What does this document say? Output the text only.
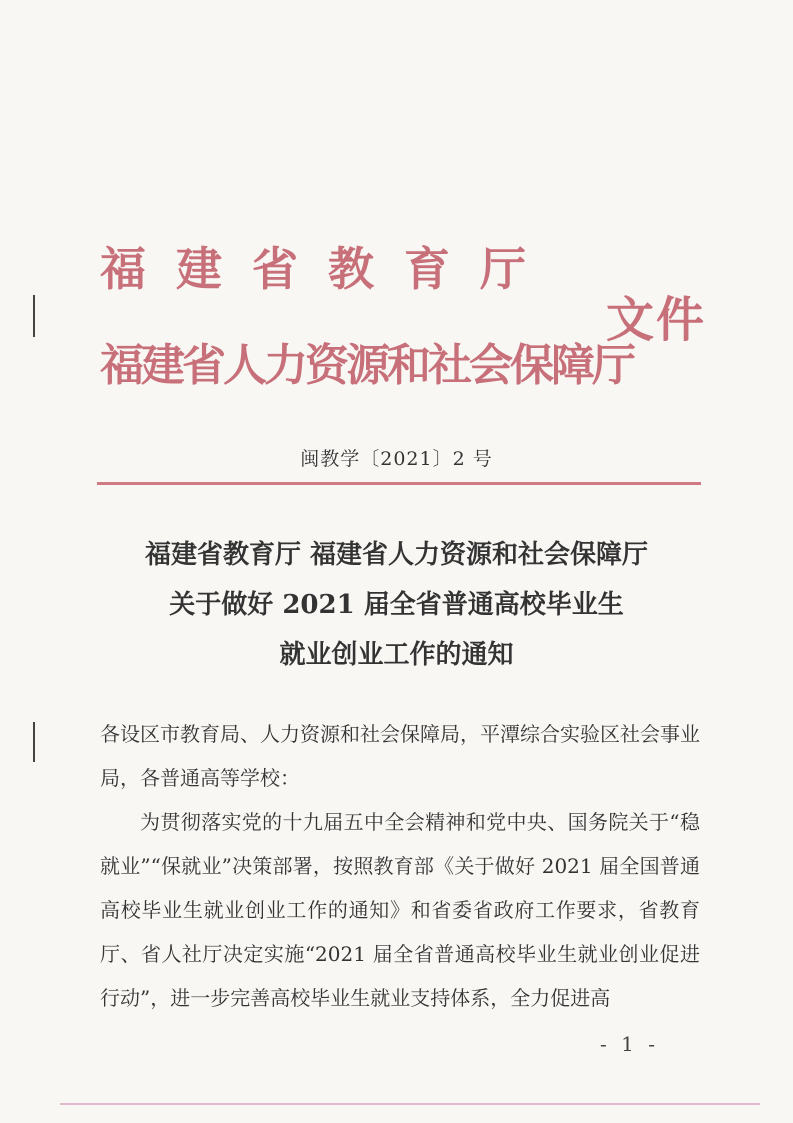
福建省教育厅
福建省人力资源和社会保障厅
文件
闽教学〔2021〕2 号
福建省教育厅 福建省人力资源和社会保障厅
关于做好 2021 届全省普通高校毕业生
就业创业工作的通知

各设区市教育局、人力资源和社会保障局，平潭综合实验区社会事业局，各普通高等学校：

为贯彻落实党的十九届五中全会精神和党中央、国务院关于“稳就业”“保就业”决策部署，按照教育部《关于做好 2021 届全国普通高校毕业生就业创业工作的通知》和省委省政府工作要求，省教育厅、省人社厅决定实施“2021 届全省普通高校毕业生就业创业促进行动”，进一步完善高校毕业生就业支持体系，全力促进高

- 1 -
